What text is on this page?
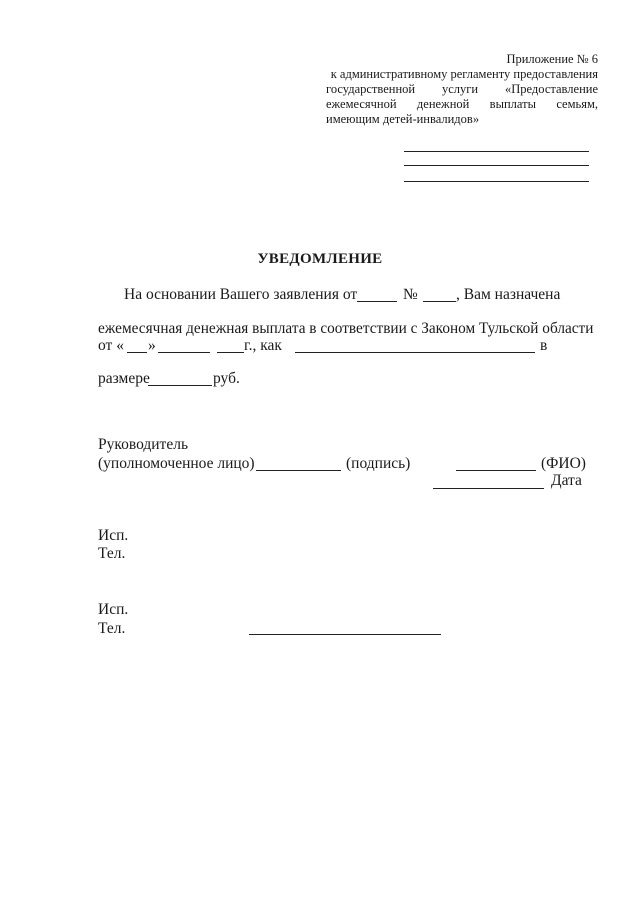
Приложение № 6
к административному регламенту предоставления
государственной услуги «Предоставление
ежемесячной денежной выплаты семьям,
имеющим детей-инвалидов»
УВЕДОМЛЕНИЕ
На основании Вашего заявления от	№ , Вам назначена
ежемесячная денежная выплата в соответствии с Законом Тульской области
от « »	г., как	в
размере	руб.
Руководитель
(уполномоченное лицо)	(подпись)	(ФИО)
Дата
Исп.
Тел.
Исп.
Тел.
